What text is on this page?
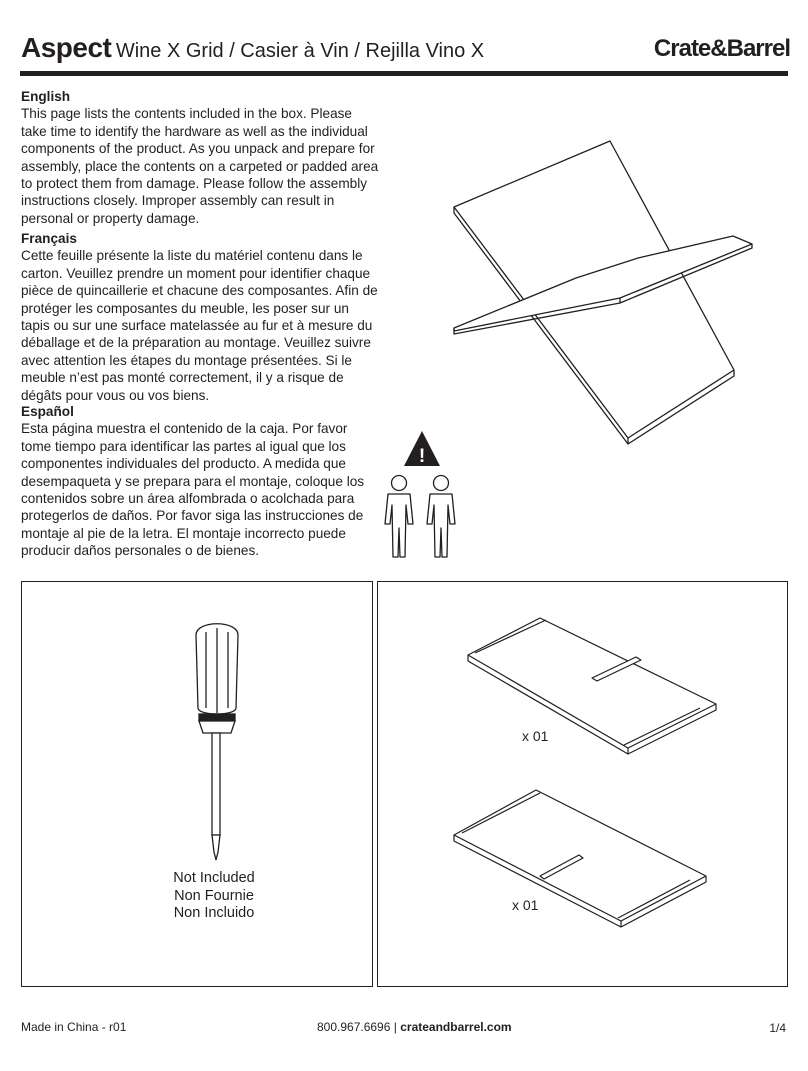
Aspect Wine X Grid / Casier à Vin / Rejilla Vino X	Crate&Barrel
English

This page lists the contents included in the box. Please take time to identify the hardware as well as the individual components of the product. As you unpack and prepare for assembly, place the contents on a carpeted or padded area to protect them from damage. Please follow the assembly instructions closely. Improper assembly can result in personal or property damage.

Français

Cette feuille présente la liste du matériel contenu dans le carton. Veuillez prendre un moment pour identifier chaque pièce de quincaillerie et chacune des composantes. Afin de protéger les composantes du meuble, les poser sur un tapis ou sur une surface matelassée au fur et à mesure du déballage et de la préparation au montage. Veuillez suivre avec attention les étapes du montage présentées. Si le meuble n’est pas monté correctement, il y a risque de dégâts pour vous ou vos biens.

Español

Esta página muestra el contenido de la caja. Por favor tome tiempo para identificar las partes al igual que los componentes individuales del producto. A medida que desempaqueta y se prepara para el montaje, coloque los contenidos sobre un área alfombrada o acolchada para protegerlos de daños. Por favor siga las instrucciones de montaje al pie de la letra. El montaje incorrecto puede producir daños personales o de bienes.

!
Not Included
Non Fournie
Non Incluido
x 01
x 01
Made in China - r01	800.967.6696 | crateandbarrel.com	1/4
